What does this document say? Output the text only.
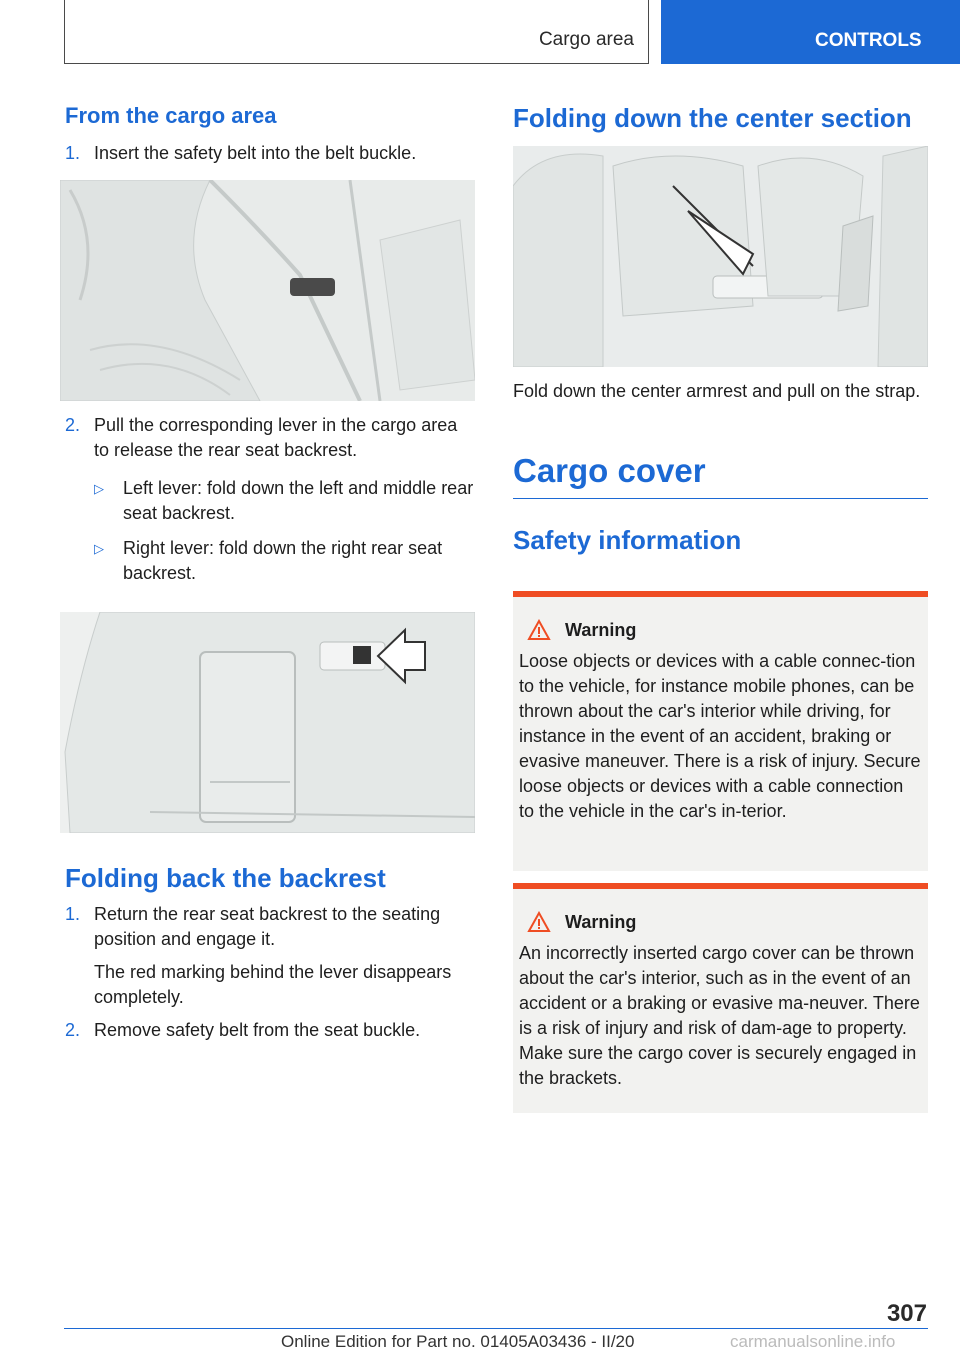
Cargo area	CONTROLS
From the cargo area
1. Insert the safety belt into the belt buckle.
2. Pull the corresponding lever in the cargo area to release the rear seat backrest.
▷ Left lever: fold down the left and middle rear seat backrest.
▷ Right lever: fold down the right rear seat backrest.
Folding back the backrest
1. Return the rear seat backrest to the seating position and engage it.
The red marking behind the lever disappears completely.
2. Remove safety belt from the seat buckle.
Folding down the center section

Fold down the center armrest and pull on the strap.

Cargo cover
Safety information
Warning

Loose objects or devices with a cable connec-tion to the vehicle, for instance mobile phones, can be thrown about the car's interior while driving, for instance in the event of an accident, braking or evasive maneuver. There is a risk of injury. Secure loose objects or devices with a cable connection to the vehicle in the car's in-terior.

Warning

An incorrectly inserted cargo cover can be thrown about the car's interior, such as in the event of an accident or a braking or evasive ma-neuver. There is a risk of injury and risk of dam-age to property. Make sure the cargo cover is securely engaged in the brackets.

307
Online Edition for Part no. 01405A03436 - II/20	carmanualsonline.info
